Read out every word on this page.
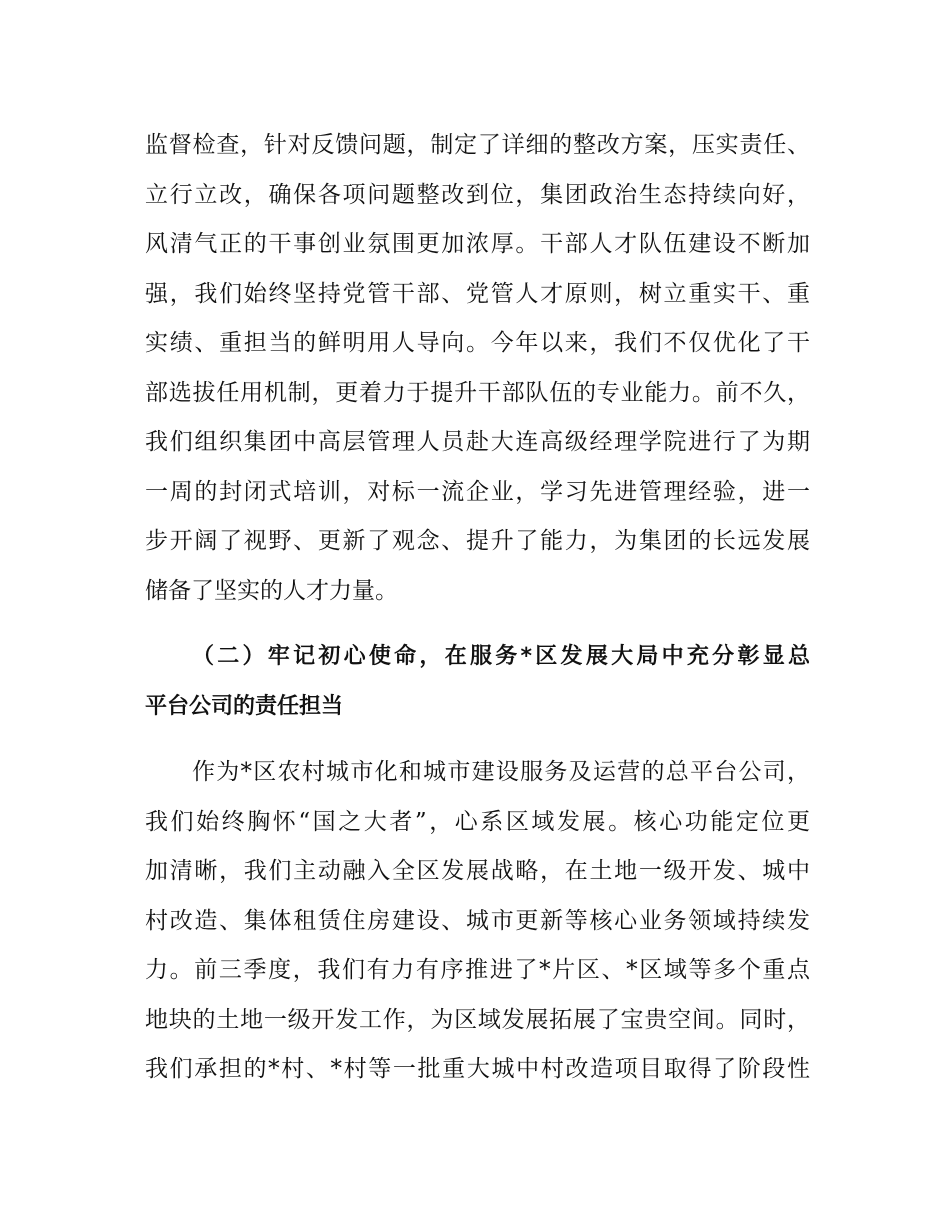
监督检查，针对反馈问题，制定了详细的整改方案，压实责任、
立行立改，确保各项问题整改到位，集团政治生态持续向好，
风清气正的干事创业氛围更加浓厚。干部人才队伍建设不断加
强，我们始终坚持党管干部、党管人才原则，树立重实干、重
实绩、重担当的鲜明用人导向。今年以来，我们不仅优化了干
部选拔任用机制，更着力于提升干部队伍的专业能力。前不久，
我们组织集团中高层管理人员赴大连高级经理学院进行了为期
一周的封闭式培训，对标一流企业，学习先进管理经验，进一
步开阔了视野、更新了观念、提升了能力，为集团的长远发展
储备了坚实的人才力量。
（二）牢记初心使命，在服务*区发展大局中充分彰显总
平台公司的责任担当
作为*区农村城市化和城市建设服务及运营的总平台公司，
我们始终胸怀“国之大者”，心系区域发展。核心功能定位更
加清晰，我们主动融入全区发展战略，在土地一级开发、城中
村改造、集体租赁住房建设、城市更新等核心业务领域持续发
力。前三季度，我们有力有序推进了*片区、*区域等多个重点
地块的土地一级开发工作，为区域发展拓展了宝贵空间。同时，
我们承担的*村、*村等一批重大城中村改造项目取得了阶段性
